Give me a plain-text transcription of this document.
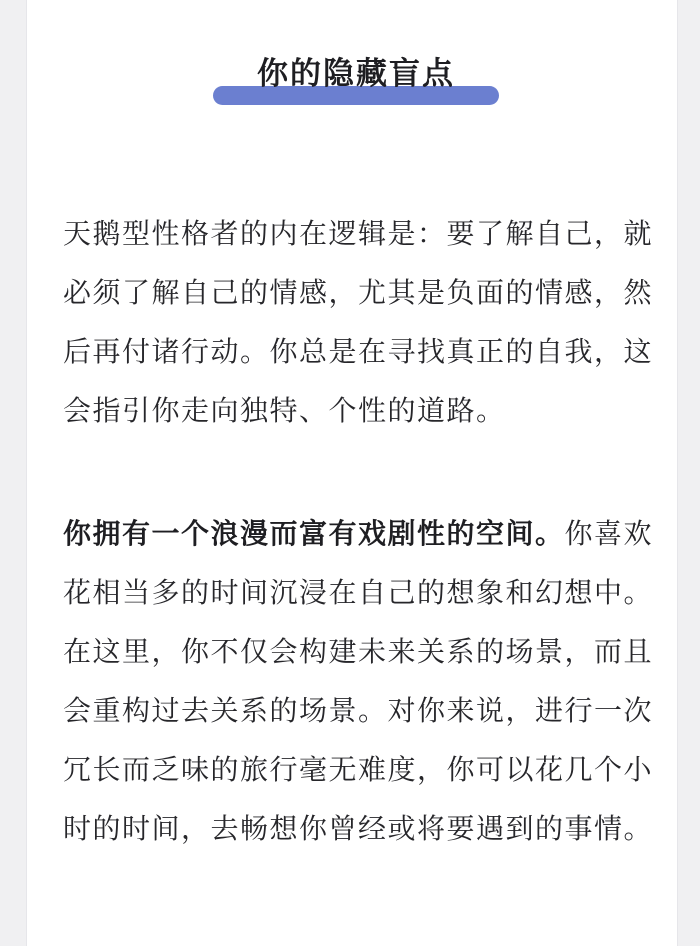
你的隐藏盲点

天鹅型性格者的内在逻辑是：要了解自己，就必须了解自己的情感，尤其是负面的情感，然后再付诸行动。你总是在寻找真正的自我，这会指引你走向独特、个性的道路。

你拥有一个浪漫而富有戏剧性的空间。你喜欢花相当多的时间沉浸在自己的想象和幻想中。在这里，你不仅会构建未来关系的场景，而且会重构过去关系的场景。对你来说，进行一次冗长而乏味的旅行毫无难度，你可以花几个小时的时间，去畅想你曾经或将要遇到的事情。
